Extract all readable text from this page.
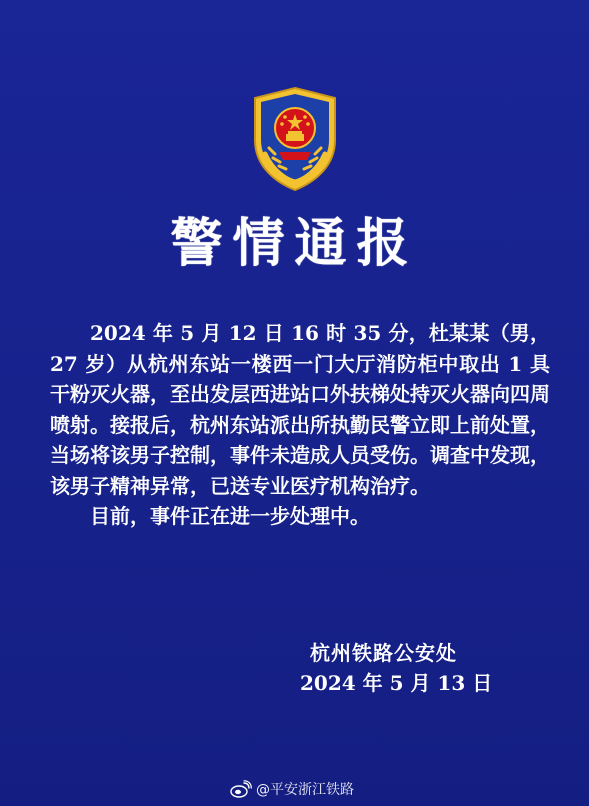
警情通报

2024 年 5 月 12 日 16 时 35 分，杜某某（男，27 岁）从杭州东站一楼西一门大厅消防柜中取出 1 具干粉灭火器，至出发层西进站口外扶梯处持灭火器向四周喷射。接报后，杭州东站派出所执勤民警立即上前处置，当场将该男子控制，事件未造成人员受伤。调查中发现，该男子精神异常，已送专业医疗机构治疗。

目前，事件正在进一步处理中。

杭州铁路公安处
2024 年 5 月 13 日
@平安浙江铁路
